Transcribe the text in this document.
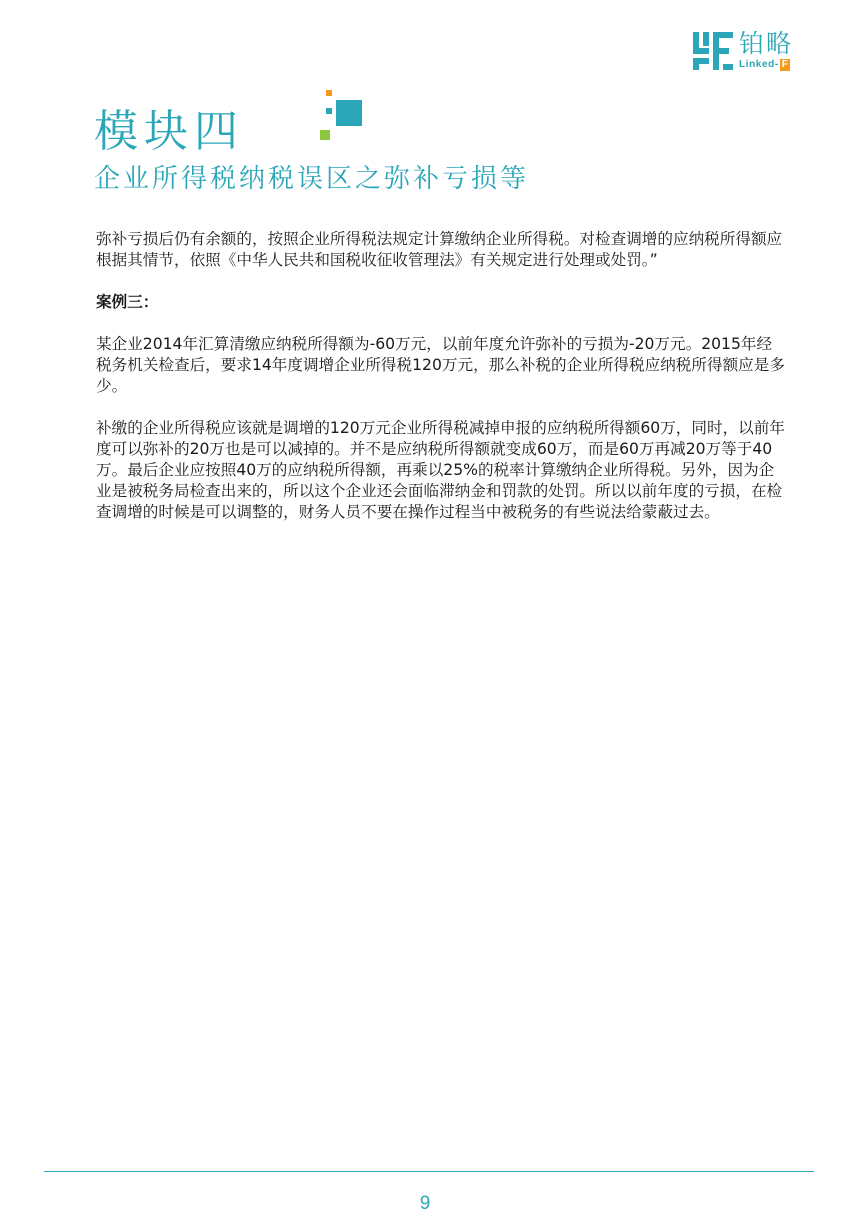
铂略
Linked- F
模块四
企业所得税纳税误区之弥补亏损等

弥补亏损后仍有余额的，按照企业所得税法规定计算缴纳企业所得税。对检查调增的应纳税所得额应根据其情节，依照《中华人民共和国税收征收管理法》有关规定进行处理或处罚。”

案例三：

某企业2014年汇算清缴应纳税所得额为-60万元，以前年度允许弥补的亏损为-20万元。2015年经税务机关检查后，要求14年度调增企业所得税120万元，那么补税的企业所得税应纳税所得额应是多少。

补缴的企业所得税应该就是调增的120万元企业所得税减掉申报的应纳税所得额60万，同时，以前年度可以弥补的20万也是可以减掉的。并不是应纳税所得额就变成60万，而是60万再减20万等于40万。最后企业应按照40万的应纳税所得额，再乘以25%的税率计算缴纳企业所得税。另外，因为企业是被税务局检查出来的，所以这个企业还会面临滞纳金和罚款的处罚。所以以前年度的亏损，在检查调增的时候是可以调整的，财务人员不要在操作过程当中被税务的有些说法给蒙蔽过去。

9
